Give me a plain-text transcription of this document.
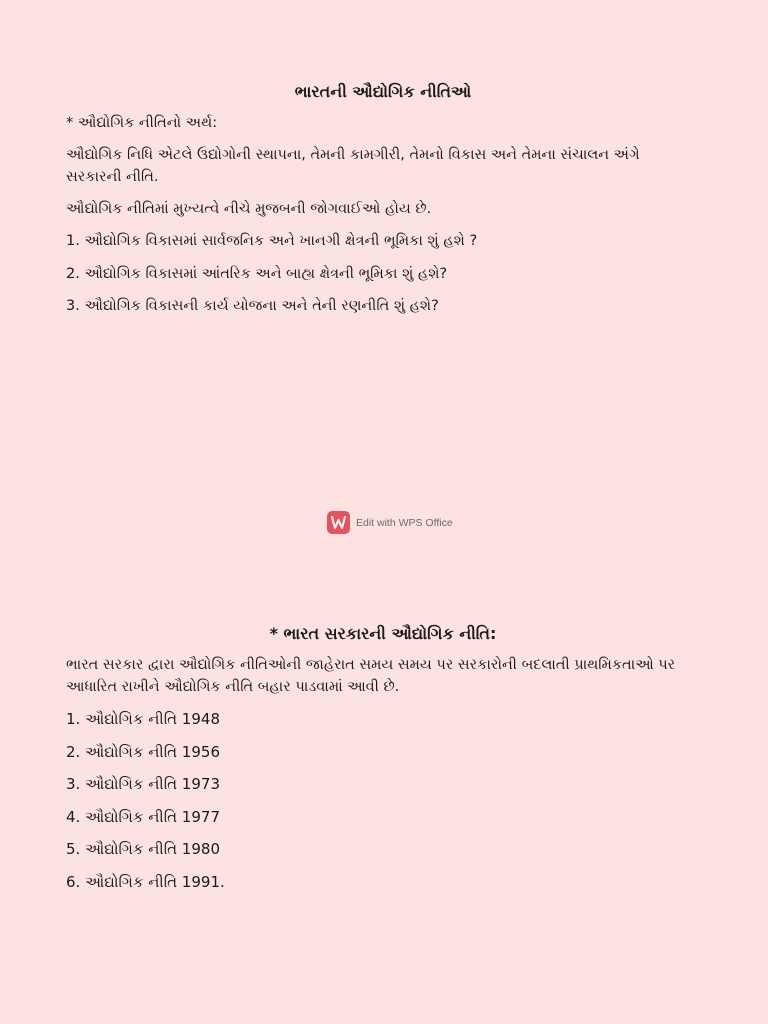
ભારતની ઔદ્યોગિક નીતિઓ
* ઔદ્યોગિક નીતિનો અર્થ:
ઔદ્યોગિક નિધિ એટલે ઉદ્યોગોની સ્થાપના, તેમની કામગીરી, તેમનો વિકાસ અને તેમના સંચાલન અંગે સરકારની નીતિ.
ઔદ્યોગિક નીતિમાં મુખ્યત્વે નીચે મુજબની જોગવાઈઓ હોય છે.
1. ઔદ્યોગિક વિકાસમાં સાર્વજનિક અને ખાનગી ક્ષેત્રની ભૂમિકા શું હશે ?
2. ઔદ્યોગિક વિકાસમાં આંતરિક અને બાહ્ય ક્ષેત્રની ભૂમિકા શું હશે?
3. ઔદ્યોગિક વિકાસની કાર્ય યોજના અને તેની રણનીતિ શું હશે?
Edit with WPS Office
* ભારત સરકારની ઔદ્યોગિક નીતિ:
ભારત સરકાર દ્વારા ઔદ્યોગિક નીતિઓની જાહેરાત સમય સમય પર સરકારોની બદલાતી પ્રાથમિકતાઓ પર આધારિત રાખીને ઔદ્યોગિક નીતિ બહાર પાડવામાં આવી છે.
1. ઔદ્યોગિક નીતિ 1948
2. ઔદ્યોગિક નીતિ 1956
3. ઔદ્યોગિક નીતિ 1973
4. ઔદ્યોગિક નીતિ 1977
5. ઔદ્યોગિક નીતિ 1980
6. ઔદ્યોગિક નીતિ 1991.
